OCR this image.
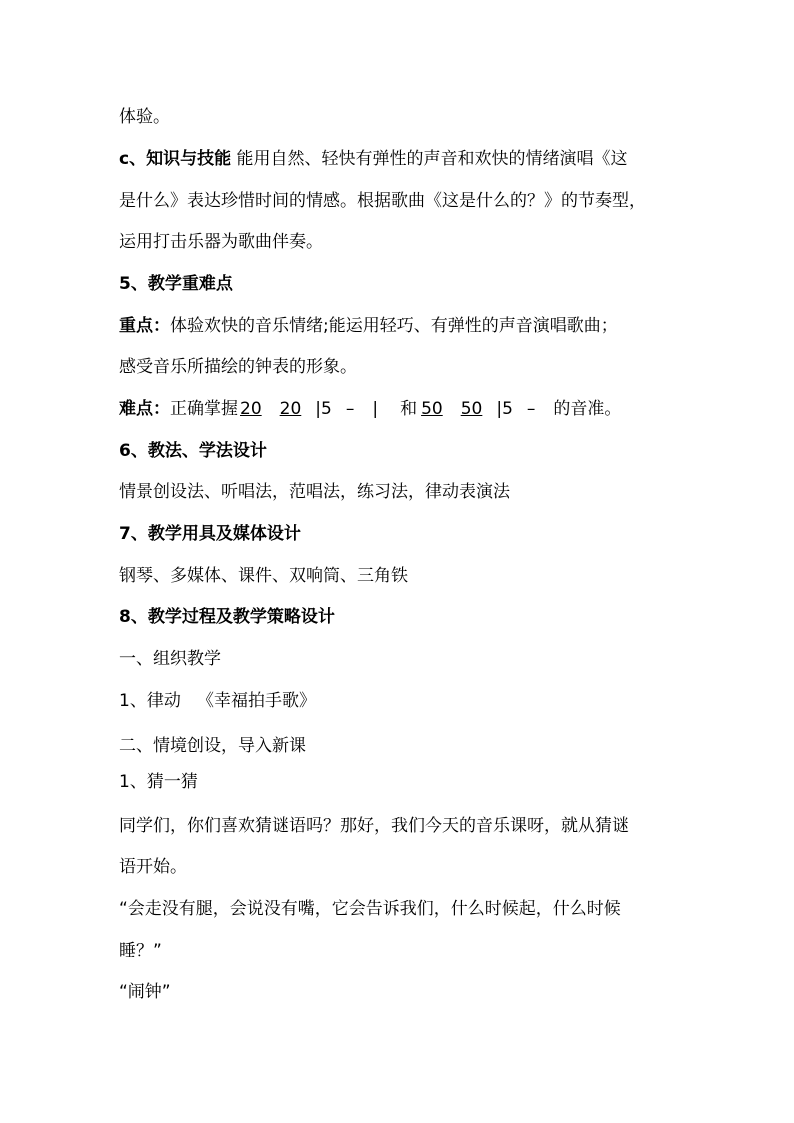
体验。
c、知识与技能 能用自然、轻快有弹性的声音和欢快的情绪演唱《这
是什么》表达珍惜时间的情感。根据歌曲《这是什么的？》的节奏型，
运用打击乐器为歌曲伴奏。
5、教学重难点
重点：体验欢快的音乐情绪;能运用轻巧、有弹性的声音演唱歌曲；
感受音乐所描绘的钟表的形象。
难点：正确掌握 20 20 |5 – | 和 50 50 |5 – 的音准。
6、教法、学法设计
情景创设法、听唱法，范唱法，练习法，律动表演法
7、教学用具及媒体设计
钢琴、多媒体、课件、双响筒、三角铁
8、教学过程及教学策略设计
一、组织教学
1、律动   《幸福拍手歌》
二、情境创设，导入新课
1、猜一猜
同学们，你们喜欢猜谜语吗？那好，我们今天的音乐课呀，就从猜谜
语开始。
“会走没有腿，会说没有嘴，它会告诉我们，什么时候起，什么时候
睡？”
“闹钟”
